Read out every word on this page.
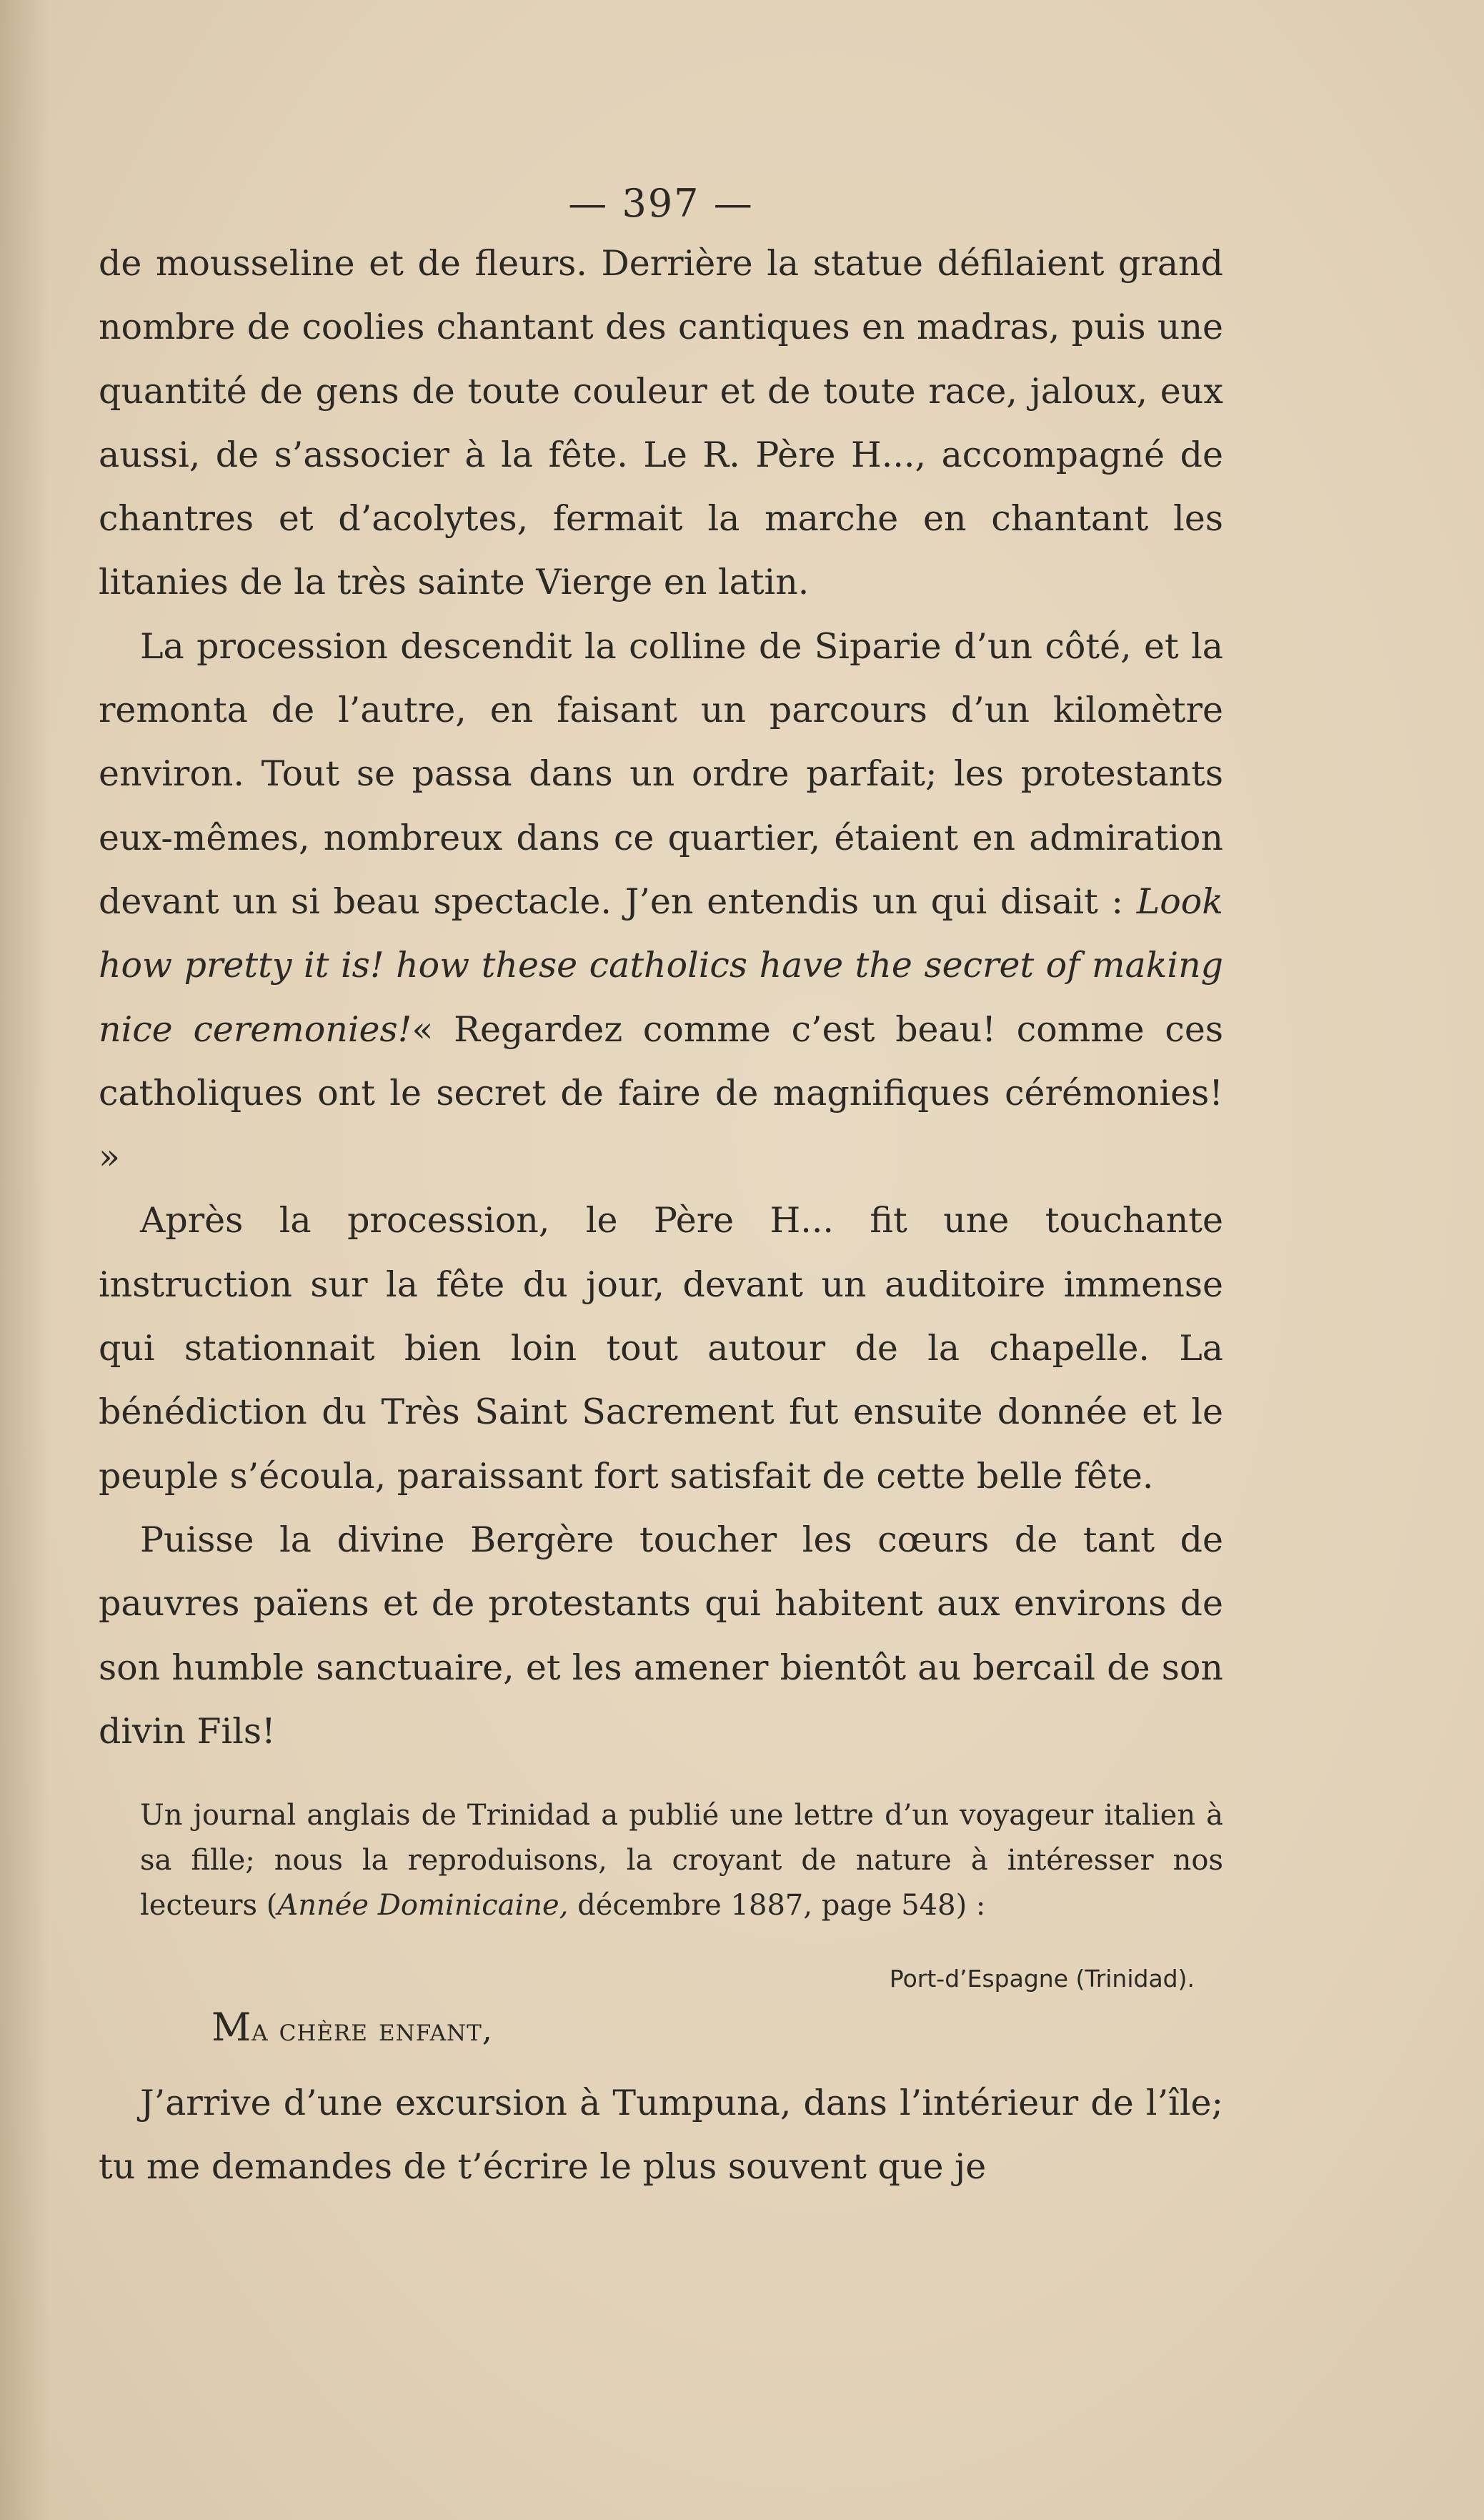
— 397 —

de mousseline et de fleurs. Derrière la statue défilaient grand nombre de coolies chantant des cantiques en madras, puis une quantité de gens de toute couleur et de toute race, jaloux, eux aussi, de s’associer à la fête. Le R. Père H..., accompagné de chantres et d’acolytes, fermait la marche en chantant les litanies de la très sainte Vierge en latin.

La procession descendit la colline de Siparie d’un côté, et la remonta de l’autre, en faisant un parcours d’un kilomètre environ. Tout se passa dans un ordre parfait; les protestants eux-mêmes, nombreux dans ce quartier, étaient en admiration devant un si beau spectacle. J’en entendis un qui disait : Look how pretty it is! how these catholics have the secret of making nice ceremonies!« Regardez comme c’est beau! comme ces catholiques ont le secret de faire de magnifiques cérémonies! »

Après la procession, le Père H... fit une touchante instruction sur la fête du jour, devant un auditoire immense qui stationnait bien loin tout autour de la chapelle. La bénédiction du Très Saint Sacrement fut ensuite donnée et le peuple s’écoula, paraissant fort satisfait de cette belle fête.

Puisse la divine Bergère toucher les cœurs de tant de pauvres païens et de protestants qui habitent aux environs de son humble sanctuaire, et les amener bientôt au bercail de son divin Fils!

Un journal anglais de Trinidad a publié une lettre d’un voyageur italien à sa fille; nous la reproduisons, la croyant de nature à intéresser nos lecteurs (Année Dominicaine, décembre 1887, page 548) :

Port-d’Espagne (Trinidad).
Ma chère enfant,

J’arrive d’une excursion à Tumpuna, dans l’intérieur de l’île; tu me demandes de t’écrire le plus souvent que je
